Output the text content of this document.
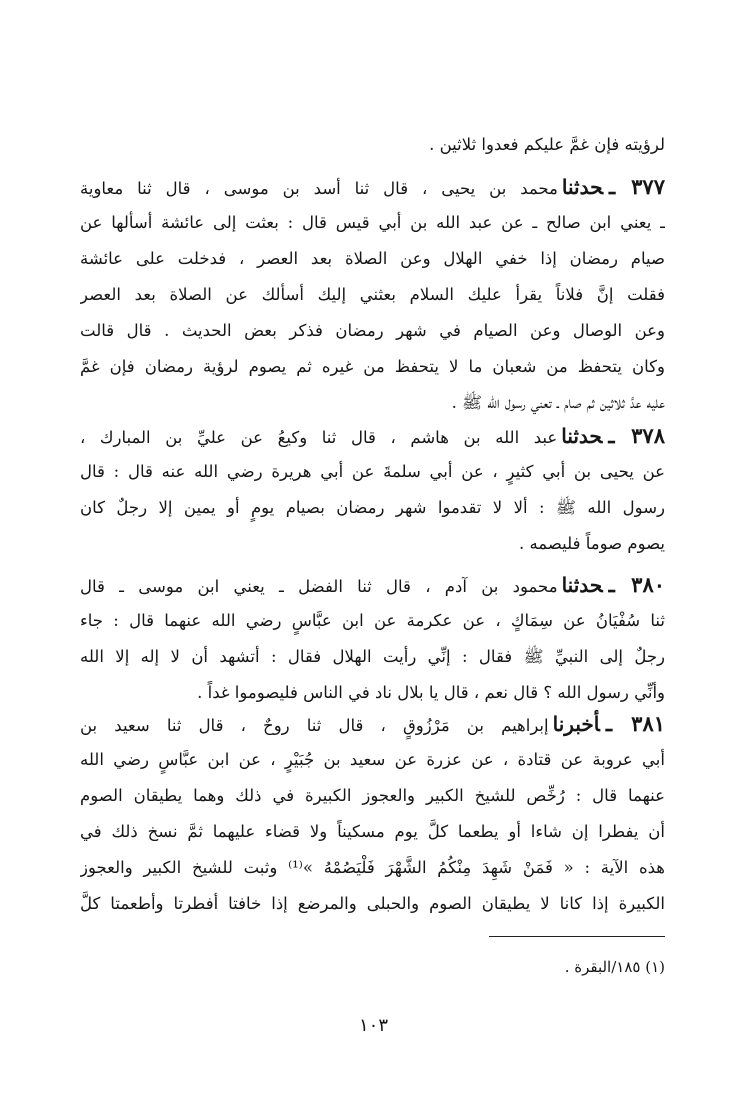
لرؤيته فإن غمَّ عليكم فعدوا ثلاثين .
٣٧٧ ـحدثنامحمد بن يحيى ، قال ثنا أسد بن موسى ، قال ثنا معاوية
ـ يعني ابن صالح ـ عن عبد الله بن أبي قيس قال : بعثت إلى عائشة أسألها عن
صيام رمضان إذا خفي الهلال وعن الصلاة بعد العصر ، فدخلت على عائشة
فقلت إنَّ فلاناً يقرأ عليك السلام بعثني إليك أسألك عن الصلاة بعد العصر
وعن الوصال وعن الصيام في شهر رمضان فذكر بعض الحديث . قال قالت
وكان يتحفظ من شعبان ما لا يتحفظ من غيره ثم يصوم لرؤية رمضان فإن غمَّ
عليه عدَّ ثلاثين ثم صام ـ تعني رسول الله ﷺ .
٣٧٨ ـحدثناعبد الله بن هاشم ، قال ثنا وكيعُ عن عليِّ بن المبارك ،
عن يحيى بن أبي كثيرٍ ، عن أبي سلمةَ عن أبي هريرة رضي الله عنه قال : قال
رسول الله ﷺ : ألا لا تقدموا شهر رمضان بصيام يومٍ أو يمين إلا رجلٌ كان
يصوم صوماً فليصمه .
٣٨٠ ـحدثنامحمود بن آدم ، قال ثنا الفضل ـ يعني ابن موسى ـ قال
ثنا سُفْيَانُ عن سِمَاكٍ ، عن عكرمة عن ابن عبَّاسٍ رضي الله عنهما قال : جاء
رجلٌ إلى النبيِّ ﷺ فقال : إنِّي رأيت الهلال فقال : أتشهد أن لا إله إلا الله
وأنِّي رسول الله ؟ قال نعم ، قال يا بلال ناد في الناس فليصوموا غداً .
٣٨١ ـأخبرناإبراهيم بن مَرْزُوقٍ ، قال ثنا روحٌ ، قال ثنا سعيد بن
أبي عروبة عن قتادة ، عن عزرة عن سعيد بن جُبَيْرٍ ، عن ابن عبَّاسٍ رضي الله
عنهما قال : رُخِّص للشيخ الكبير والعجوز الكبيرة في ذلك وهما يطيقان الصوم
أن يفطرا إن شاءا أو يطعما كلَّ يوم مسكيناً ولا قضاء عليهما ثمَّ نسخ ذلك في
هذه الآية : « فَمَنْ شَهِدَ مِنْكُمُ الشَّهْرَ فَلْيَصُمْهُ »⁽¹⁾ وثبت للشيخ الكبير والعجوز
الكبيرة إذا كانا لا يطيقان الصوم والحبلى والمرضع إذا خافتا أفطرتا وأطعمتا كلَّ
(١) ١٨٥/البقرة .
١٠٣
